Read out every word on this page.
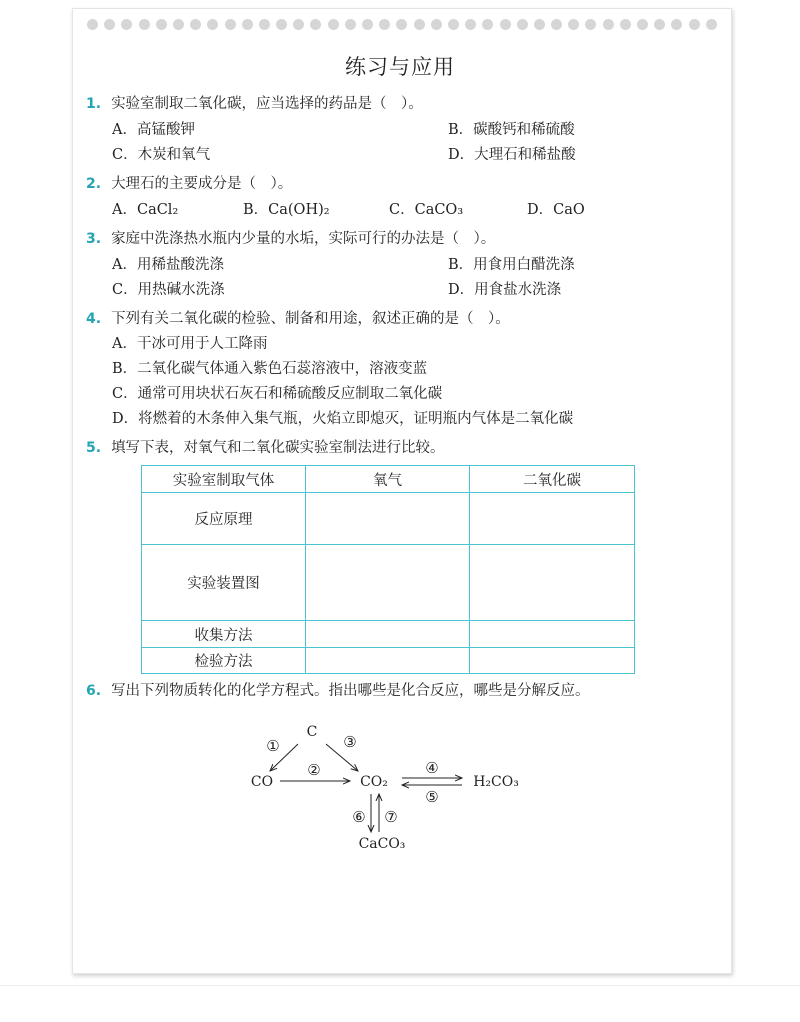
练习与应用
1. 实验室制取二氧化碳，应当选择的药品是（　）。
A．高锰酸钾	B．碳酸钙和稀硫酸
C．木炭和氧气	D．大理石和稀盐酸
2. 大理石的主要成分是（　）。
A．CaCl₂	B．Ca(OH)₂	C．CaCO₃	D．CaO
3. 家庭中洗涤热水瓶内少量的水垢，实际可行的办法是（　）。
A．用稀盐酸洗涤	B．用食用白醋洗涤
C．用热碱水洗涤	D．用食盐水洗涤
4. 下列有关二氧化碳的检验、制备和用途，叙述正确的是（　）。
A．干冰可用于人工降雨
B．二氧化碳气体通入紫色石蕊溶液中，溶液变蓝
C．通常可用块状石灰石和稀硫酸反应制取二氧化碳
D．将燃着的木条伸入集气瓶，火焰立即熄灭，证明瓶内气体是二氧化碳
5. 填写下表，对氧气和二氧化碳实验室制法进行比较。
实验室制取气体	氧气	二氧化碳
反应原理		
实验装置图		
收集方法		
检验方法		
6. 写出下列物质转化的化学方程式。指出哪些是化合反应，哪些是分解反应。
C
CO	CO₂	H₂CO₃
CaCO₃
①
②
③
④
⑤
⑥ ⑦
